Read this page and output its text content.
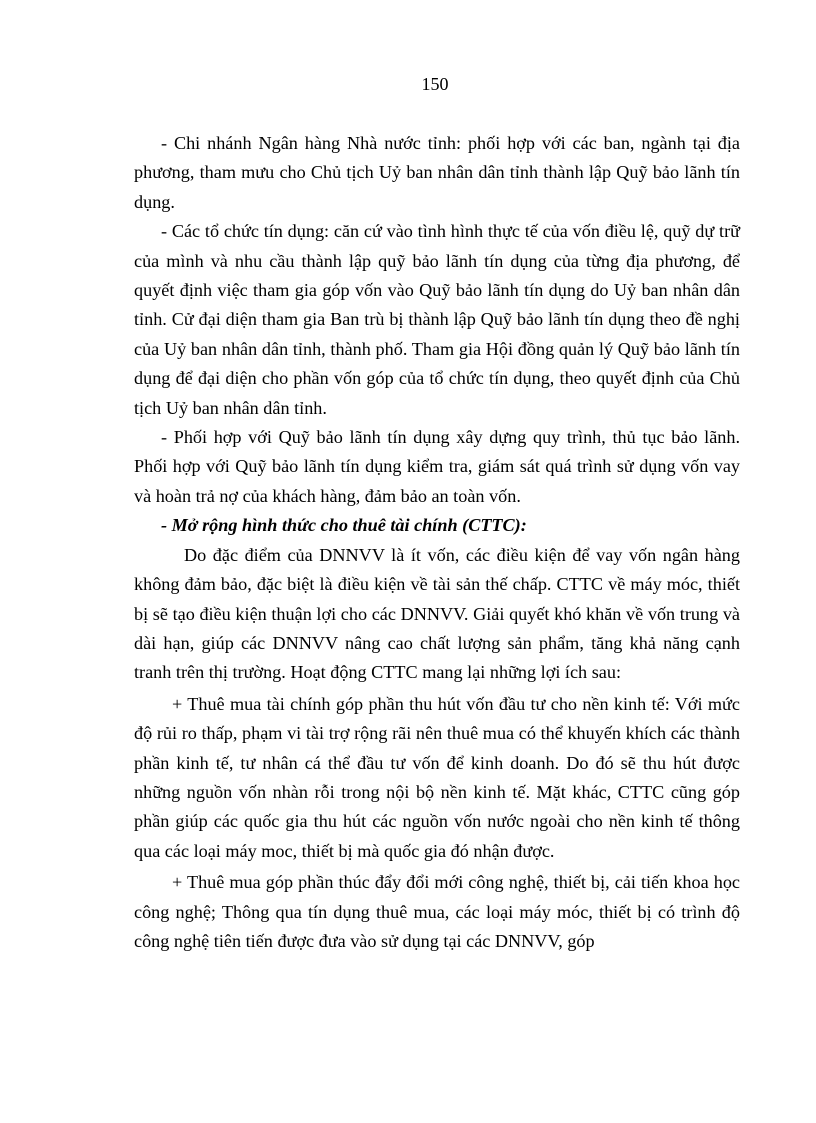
150

- Chi nhánh Ngân hàng Nhà nước tỉnh: phối hợp với các ban, ngành tại địa phương, tham mưu cho Chủ tịch Uỷ ban nhân dân tỉnh thành lập Quỹ bảo lãnh tín dụng.

- Các tổ chức tín dụng: căn cứ vào tình hình thực tế của vốn điều lệ, quỹ dự trữ của mình và nhu cầu thành lập quỹ bảo lãnh tín dụng của từng địa phương, để quyết định việc tham gia góp vốn vào Quỹ bảo lãnh tín dụng do Uỷ ban nhân dân tỉnh. Cử đại diện tham gia Ban trù bị thành lập Quỹ bảo lãnh tín dụng theo đề nghị của Uỷ ban nhân dân tỉnh, thành phố. Tham gia Hội đồng quản lý Quỹ bảo lãnh tín dụng để đại diện cho phần vốn góp của tổ chức tín dụng, theo quyết định của Chủ tịch Uỷ ban nhân dân tỉnh.

- Phối hợp với Quỹ bảo lãnh tín dụng xây dựng quy trình, thủ tục bảo lãnh. Phối hợp với Quỹ bảo lãnh tín dụng kiểm tra, giám sát quá trình sử dụng vốn vay và hoàn trả nợ của khách hàng, đảm bảo an toàn vốn.

- Mở rộng hình thức cho thuê tài chính (CTTC):

Do đặc điểm của DNNVV là ít vốn, các điều kiện để vay vốn ngân hàng không đảm bảo, đặc biệt là điều kiện về tài sản thế chấp. CTTC về máy móc, thiết bị sẽ tạo điều kiện thuận lợi cho các DNNVV. Giải quyết khó khăn về vốn trung và dài hạn, giúp các DNNVV nâng cao chất lượng sản phẩm, tăng khả năng cạnh tranh trên thị trường. Hoạt động CTTC mang lại những lợi ích sau:

+ Thuê mua tài chính góp phần thu hút vốn đầu tư cho nền kinh tế: Với mức độ rủi ro thấp, phạm vi tài trợ rộng rãi nên thuê mua có thể khuyến khích các thành phần kinh tế, tư nhân cá thể đầu tư vốn để kinh doanh. Do đó sẽ thu hút được những nguồn vốn nhàn rỗi trong nội bộ nền kinh tế. Mặt khác, CTTC cũng góp phần giúp các quốc gia thu hút các nguồn vốn nước ngoài cho nền kinh tế thông qua các loại máy moc, thiết bị mà quốc gia đó nhận được.

+ Thuê mua góp phần thúc đẩy đổi mới công nghệ, thiết bị, cải tiến khoa học công nghệ; Thông qua tín dụng thuê mua, các loại máy móc, thiết bị có trình độ công nghệ tiên tiến được đưa vào sử dụng tại các DNNVV, góp
